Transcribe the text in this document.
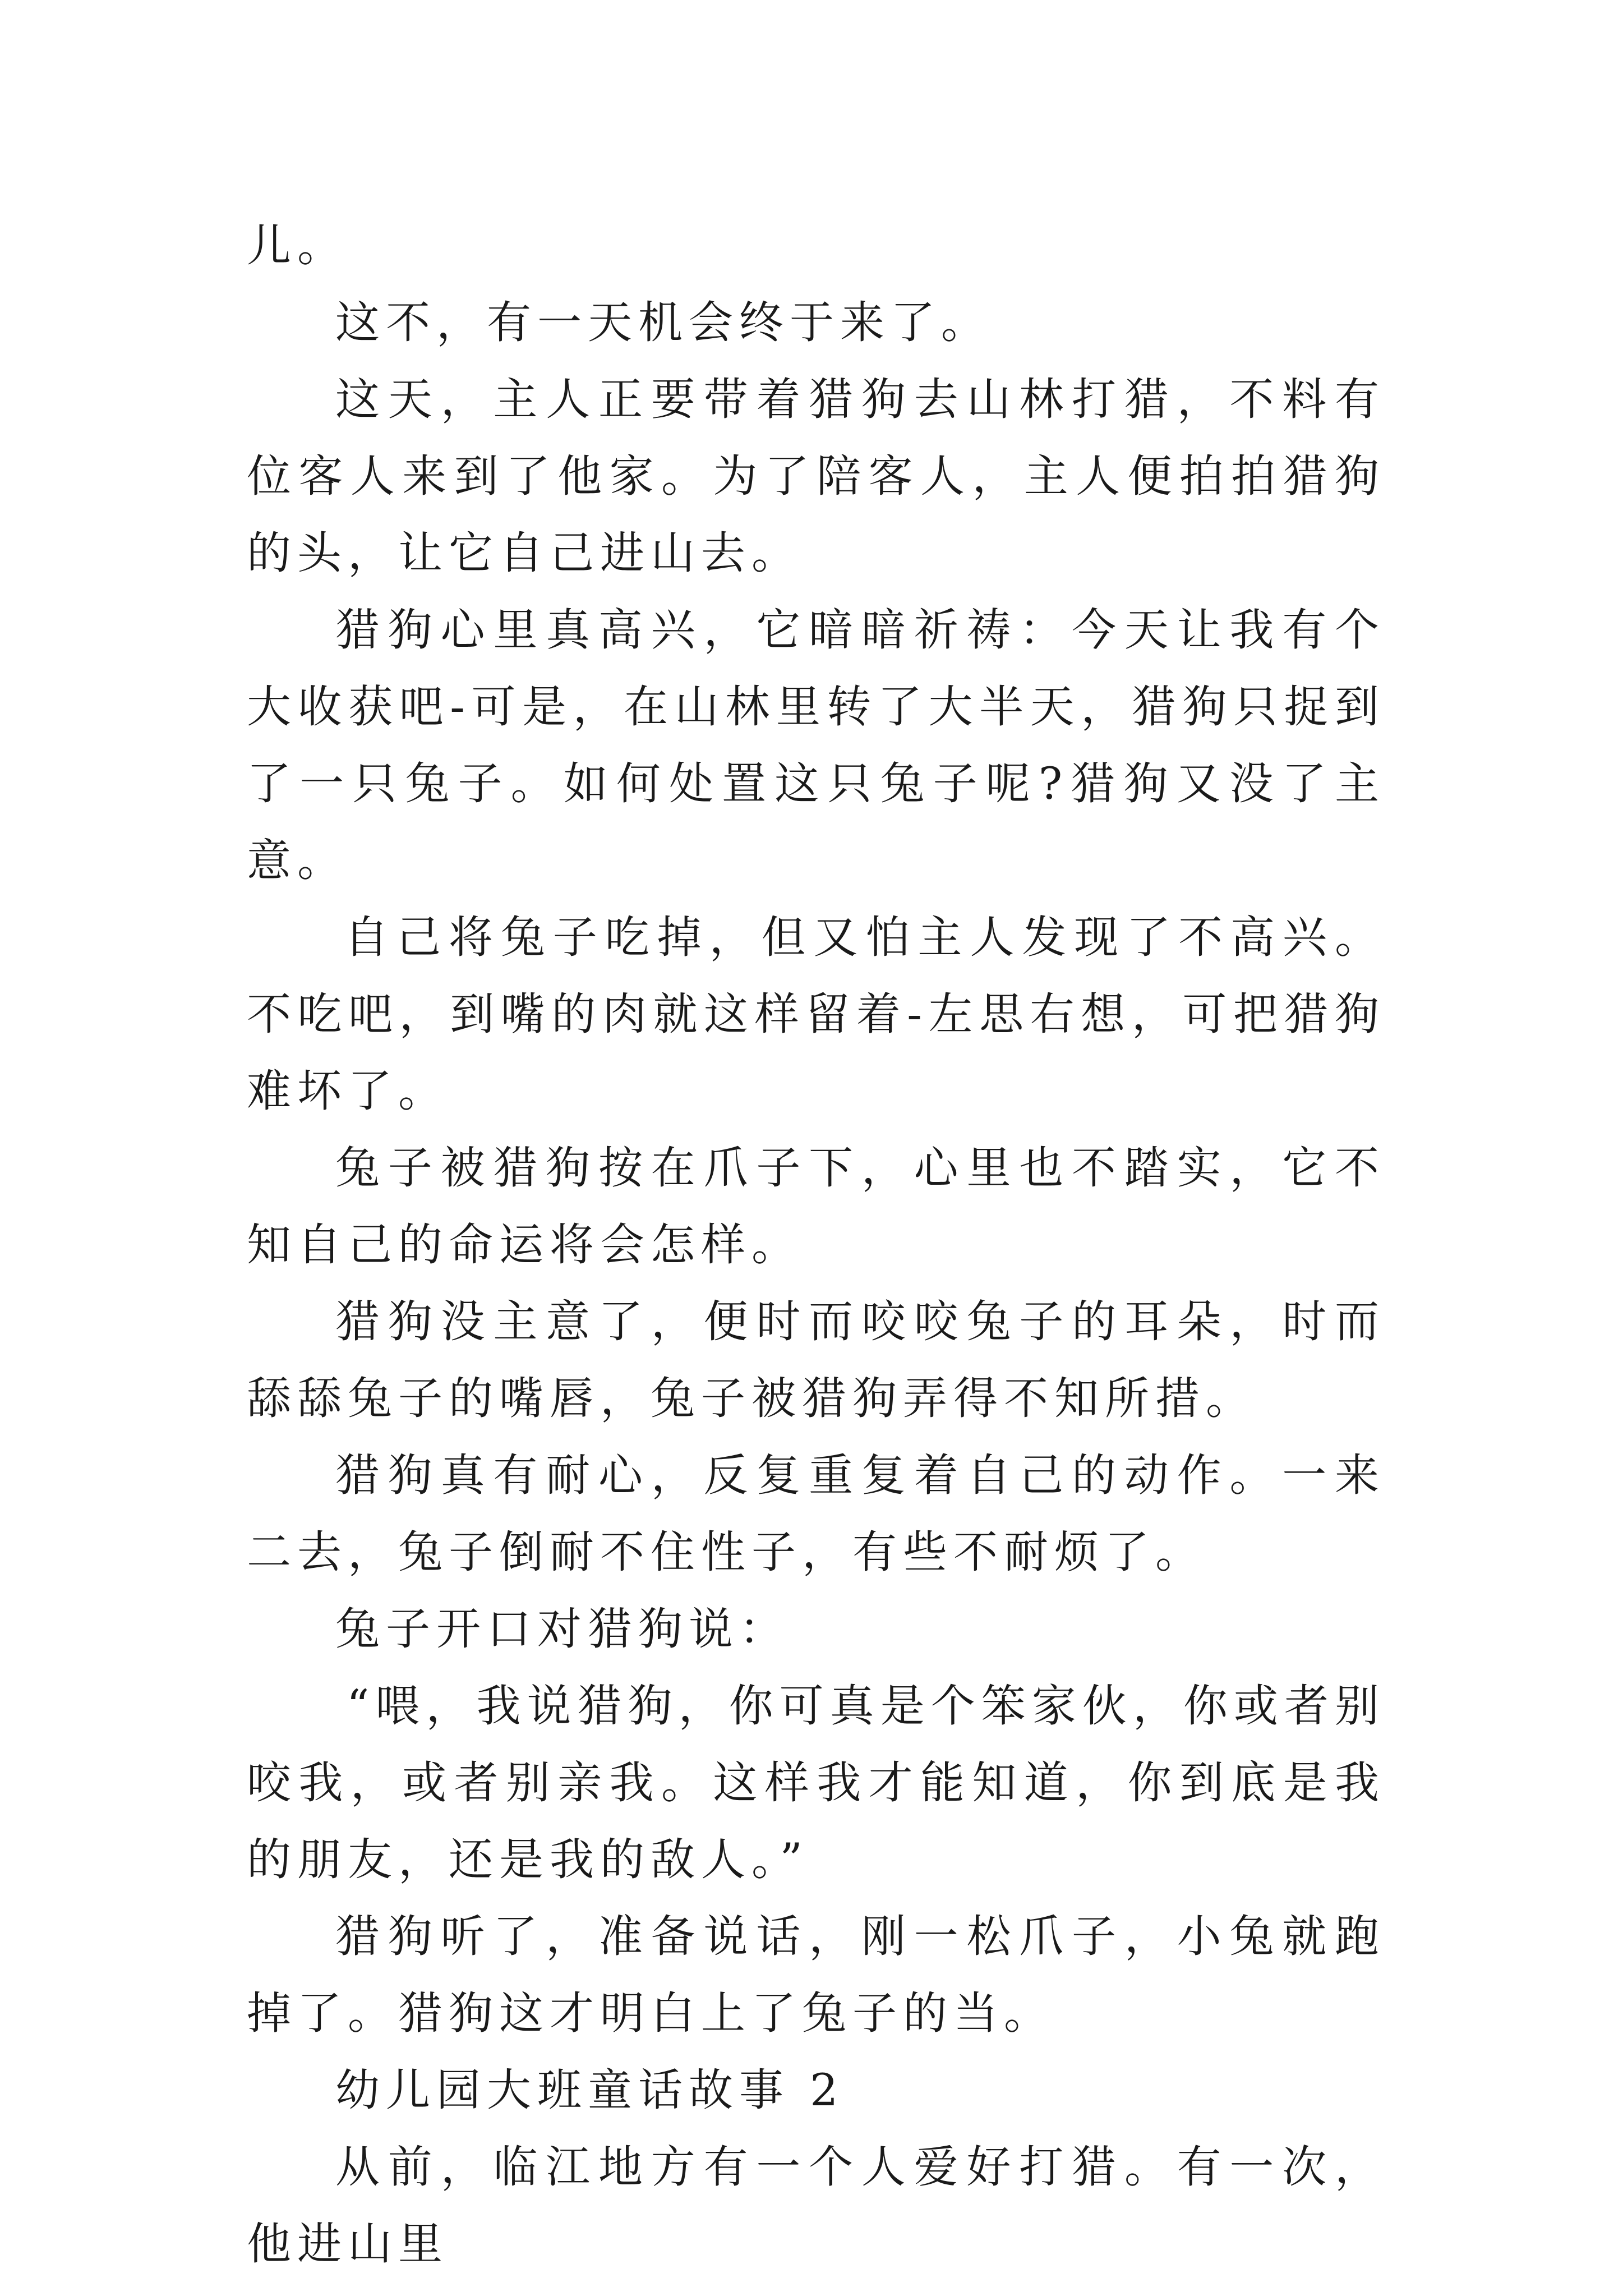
儿。

这不，有一天机会终于来了。

这天，主人正要带着猎狗去山林打猎，不料有位客人来到了他家。为了陪客人，主人便拍拍猎狗的头，让它自己进山去。

猎狗心里真高兴，它暗暗祈祷：今天让我有个大收获吧-可是，在山林里转了大半天，猎狗只捉到了一只兔子。如何处置这只兔子呢?猎狗又没了主意。

自己将兔子吃掉，但又怕主人发现了不高兴。不吃吧，到嘴的肉就这样留着-左思右想，可把猎狗难坏了。

兔子被猎狗按在爪子下，心里也不踏实，它不知自己的命运将会怎样。

猎狗没主意了，便时而咬咬兔子的耳朵，时而舔舔兔子的嘴唇，兔子被猎狗弄得不知所措。

猎狗真有耐心，反复重复着自己的动作。一来二去，兔子倒耐不住性子，有些不耐烦了。

兔子开口对猎狗说：

“喂，我说猎狗，你可真是个笨家伙，你或者别咬我，或者别亲我。这样我才能知道，你到底是我的朋友，还是我的敌人。”

猎狗听了，准备说话，刚一松爪子，小兔就跑掉了。猎狗这才明白上了兔子的当。

幼儿园大班童话故事 2

从前，临江地方有一个人爱好打猎。有一次，他进山里
